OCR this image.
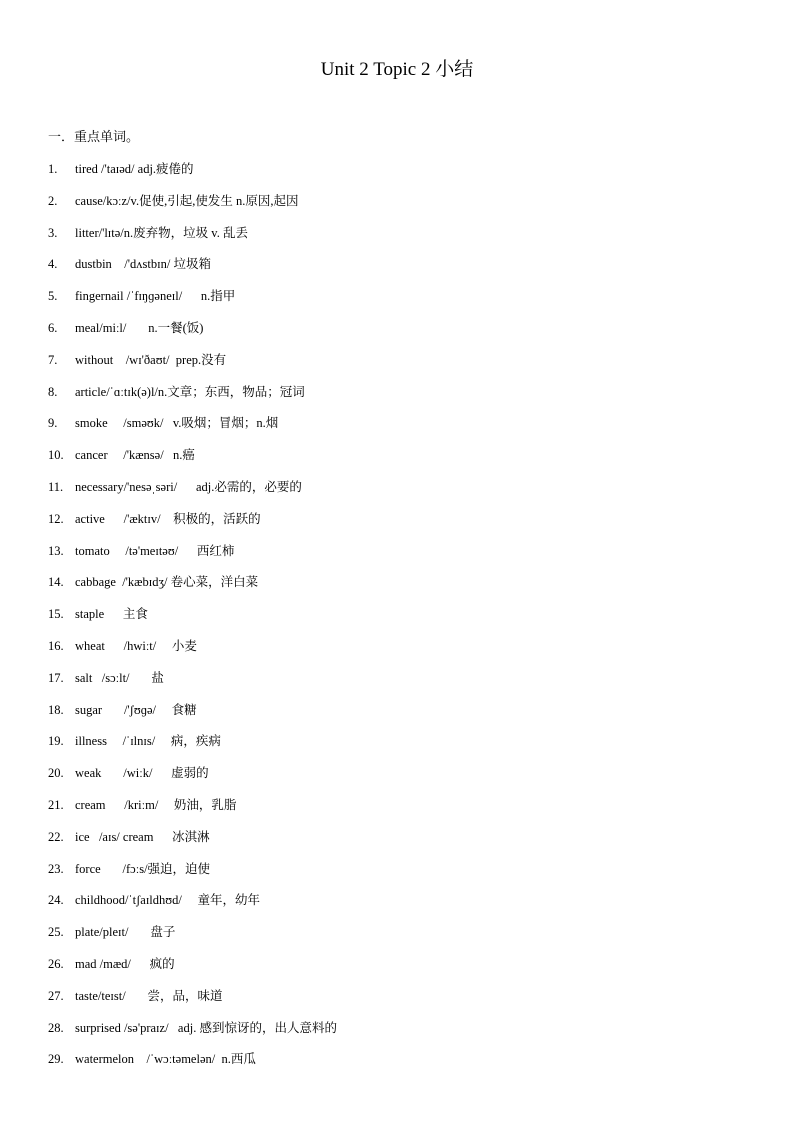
Unit 2 Topic 2 小结
一．重点单词。
1. tired /'taɪəd/ adj.疲倦的
2. cause/kɔːz/v.促使,引起,使发生 n.原因,起因
3. litter/'lɪtə/n.废弃物，垃圾 v. 乱丢
4. dustbin    /'dʌstbɪn/ 垃圾箱
5. fingernail /ˈfɪŋɡəneɪl/      n.指甲
6. meal/miːl/       n.一餐(饭)
7. without    /wɪ'ðaʊt/  prep.没有
8. article/ˈɑːtɪk(ə)l/n.文章；东西，物品；冠词
9. smoke     /sməʊk/   v.吸烟；冒烟；n.烟
10. cancer     /'kænsə/   n.癌
11. necessary/'nesəˌsəri/      adj.必需的，必要的
12. active      /'æktɪv/    积极的，活跃的
13. tomato     /tə'meɪtəʊ/      西红柿
14. cabbage  /'kæbɪdʒ/ 卷心菜，洋白菜
15. staple      主食
16. wheat      /hwiːt/     小麦
17. salt   /sɔːlt/       盐
18. sugar       /'ʃʊɡə/     食糖
19. illness     /ˈɪlnɪs/     病，疾病
20. weak       /wiːk/      虚弱的
21. cream      /kriːm/     奶油，乳脂
22. ice   /aɪs/ cream      冰淇淋
23. force       /fɔːs/强迫，迫使
24. childhood/ˈtʃaɪldhʊd/     童年，幼年
25. plate/pleɪt/       盘子
26. mad /mæd/      疯的
27. taste/teɪst/       尝，品，味道
28. surprised /sə'praɪz/   adj. 感到惊讶的，出人意料的
29. watermelon    /ˈwɔːtəmelən/  n.西瓜
